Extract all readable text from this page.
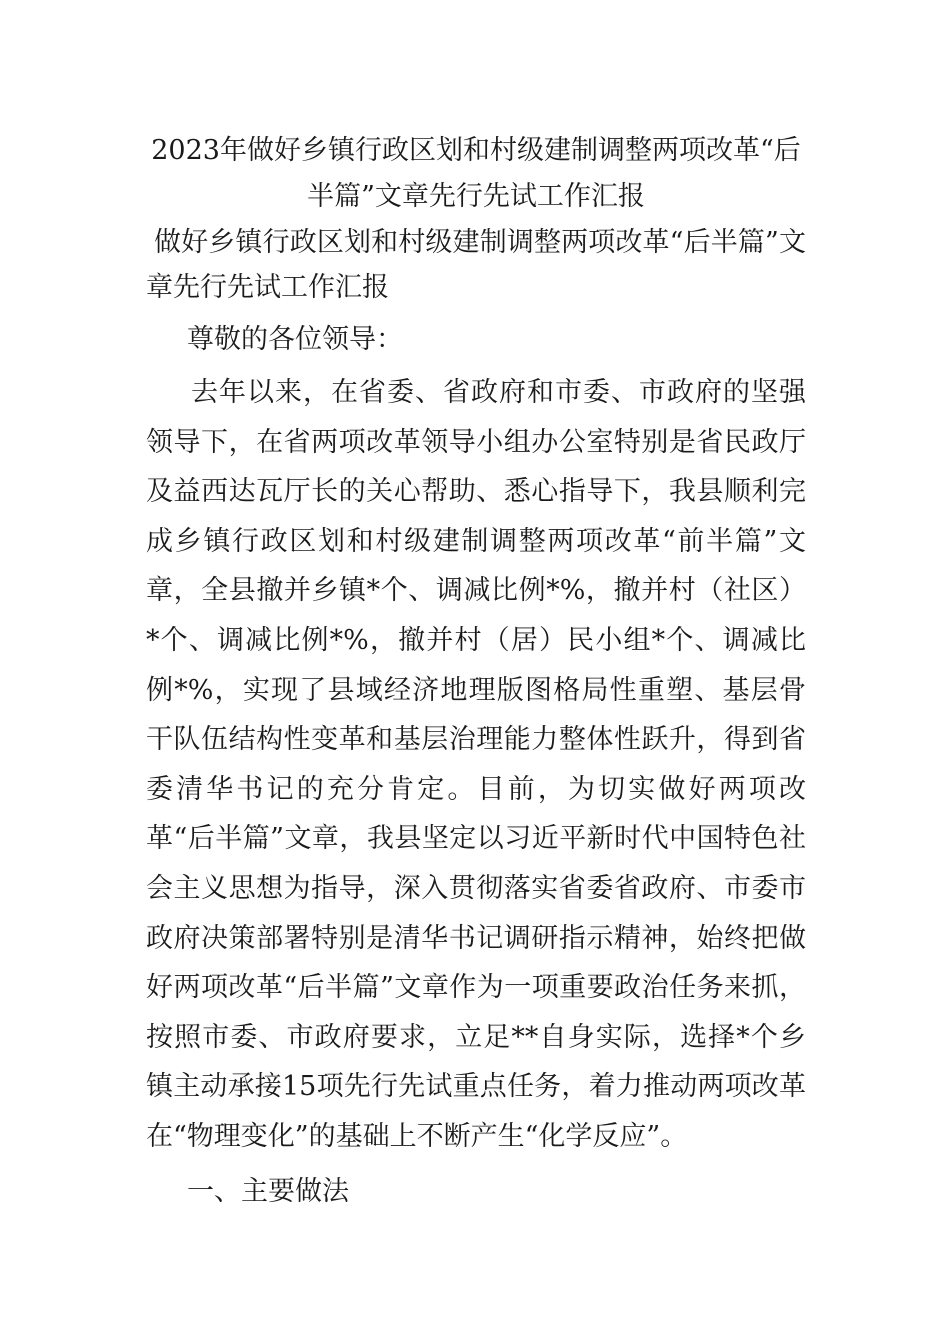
2023年做好乡镇行政区划和村级建制调整两项改革“后半篇”文章先行先试工作汇报

做好乡镇行政区划和村级建制调整两项改革“后半篇”文章先行先试工作汇报

尊敬的各位领导：

去年以来，在省委、省政府和市委、市政府的坚强领导下，在省两项改革领导小组办公室特别是省民政厅及益西达瓦厅长的关心帮助、悉心指导下，我县顺利完成乡镇行政区划和村级建制调整两项改革“前半篇”文章，全县撤并乡镇*个、调减比例*%，撤并村（社区）*个、调减比例*%，撤并村（居）民小组*个、调减比例*%，实现了县域经济地理版图格局性重塑、基层骨干队伍结构性变革和基层治理能力整体性跃升，得到省委清华书记的充分肯定。目前，为切实做好两项改革“后半篇”文章，我县坚定以习近平新时代中国特色社会主义思想为指导，深入贯彻落实省委省政府、市委市政府决策部署特别是清华书记调研指示精神，始终把做好两项改革“后半篇”文章作为一项重要政治任务来抓，按照市委、市政府要求，立足**自身实际，选择*个乡镇主动承接15项先行先试重点任务，着力推动两项改革在“物理变化”的基础上不断产生“化学反应”。

一、主要做法
